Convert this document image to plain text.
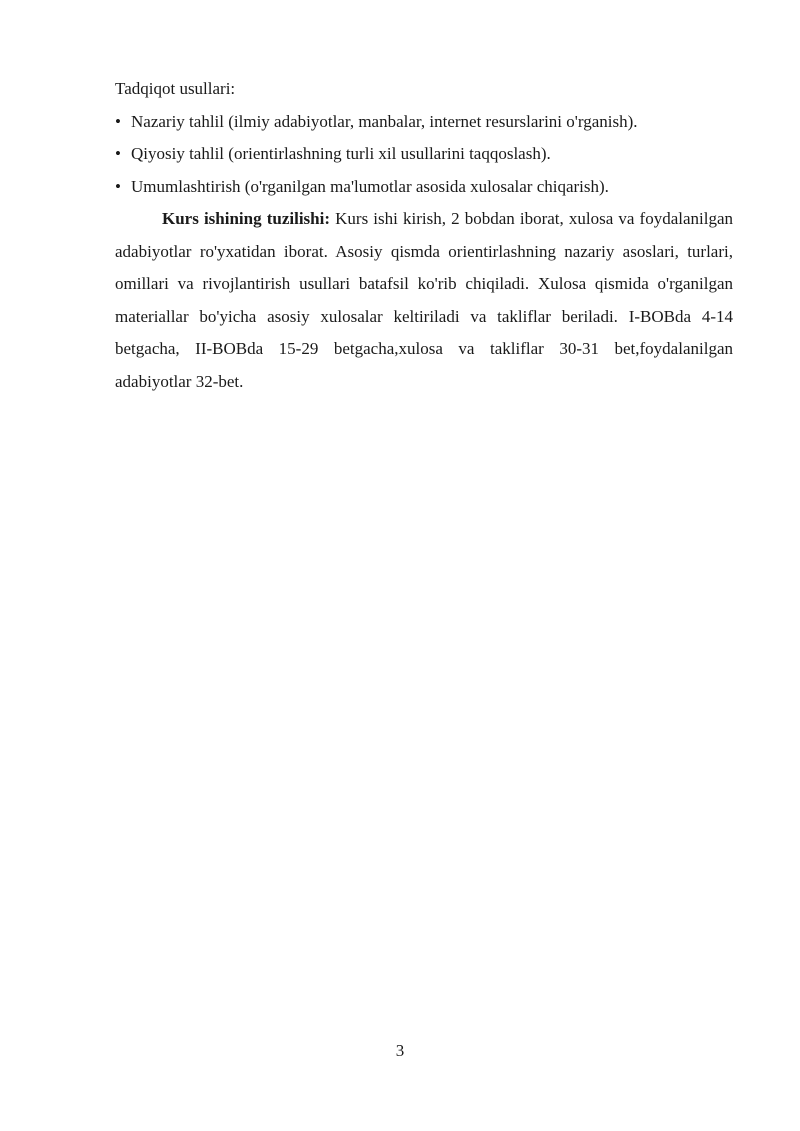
Tadqiqot usullari:

• Nazariy tahlil (ilmiy adabiyotlar, manbalar, internet resurslarini o'rganish).

• Qiyosiy tahlil (orientirlashning turli xil usullarini taqqoslash).

• Umumlashtirish (o'rganilgan ma'lumotlar asosida xulosalar chiqarish).

Kurs ishining tuzilishi: Kurs ishi kirish, 2 bobdan iborat, xulosa va foydalanilgan adabiyotlar ro'yxatidan iborat. Asosiy qismda orientirlashning nazariy asoslari, turlari, omillari va rivojlantirish usullari batafsil ko'rib chiqiladi. Xulosa qismida o'rganilgan materiallar bo'yicha asosiy xulosalar keltiriladi va takliflar beriladi. I-BOBda 4-14 betgacha, II-BOBda 15-29 betgacha,xulosa va takliflar 30-31 bet,foydalanilgan adabiyotlar 32-bet.

3
